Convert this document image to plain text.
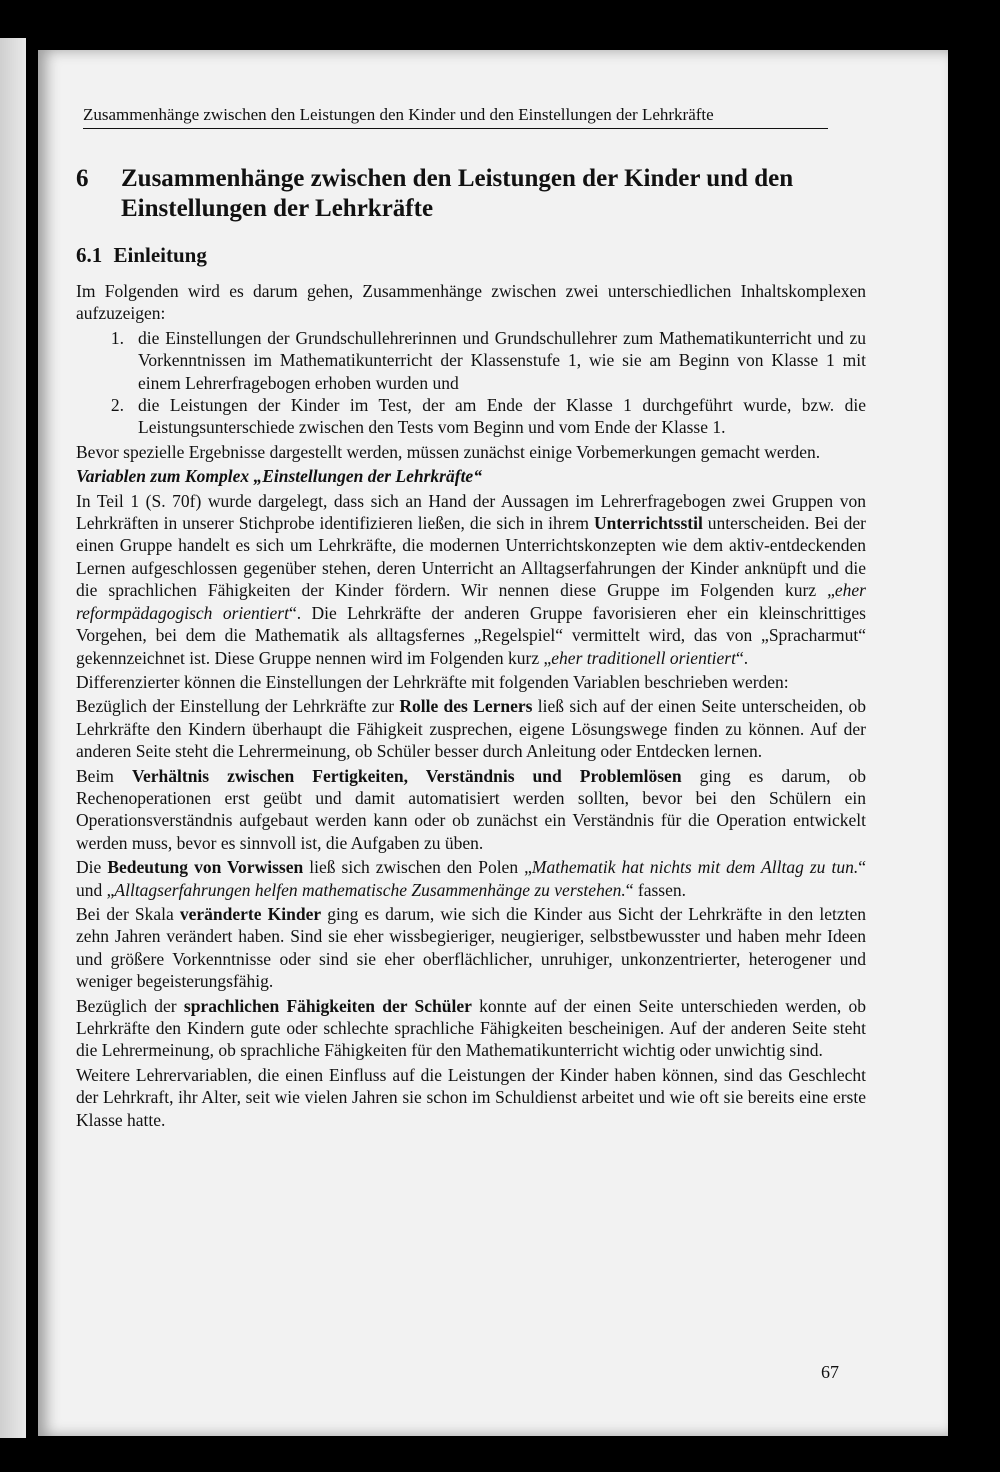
Zusammenhänge zwischen den Leistungen den Kinder und den Einstellungen der Lehrkräfte
6 Zusammenhänge zwischen den Leistungen der Kinder und den Einstellungen der Lehrkräfte
6.1 Einleitung

Im Folgenden wird es darum gehen, Zusammenhänge zwischen zwei unterschiedlichen Inhaltskomplexen aufzuzeigen:

1. die Einstellungen der Grundschullehrerinnen und Grundschullehrer zum Mathematikunterricht und zu Vorkenntnissen im Mathematikunterricht der Klassenstufe 1, wie sie am Beginn von Klasse 1 mit einem Lehrerfragebogen erhoben wurden und
2. die Leistungen der Kinder im Test, der am Ende der Klasse 1 durchgeführt wurde, bzw. die Leistungsunterschiede zwischen den Tests vom Beginn und vom Ende der Klasse 1.

Bevor spezielle Ergebnisse dargestellt werden, müssen zunächst einige Vorbemerkungen gemacht werden.

Variablen zum Komplex „Einstellungen der Lehrkräfte“

In Teil 1 (S. 70f) wurde dargelegt, dass sich an Hand der Aussagen im Lehrerfragebogen zwei Gruppen von Lehrkräften in unserer Stichprobe identifizieren ließen, die sich in ihrem Unterrichtsstil unterscheiden. Bei der einen Gruppe handelt es sich um Lehrkräfte, die modernen Unterrichtskonzepten wie dem aktiv-entdeckenden Lernen aufgeschlossen gegenüber stehen, deren Unterricht an Alltagserfahrungen der Kinder anknüpft und die die sprachlichen Fähigkeiten der Kinder fördern. Wir nennen diese Gruppe im Folgenden kurz „eher reformpädagogisch orientiert“. Die Lehrkräfte der anderen Gruppe favorisieren eher ein kleinschrittiges Vorgehen, bei dem die Mathematik als alltagsfernes „Regelspiel“ vermittelt wird, das von „Spracharmut“ gekennzeichnet ist. Diese Gruppe nennen wird im Folgenden kurz „eher traditionell orientiert“.

Differenzierter können die Einstellungen der Lehrkräfte mit folgenden Variablen beschrieben werden:

Bezüglich der Einstellung der Lehrkräfte zur Rolle des Lerners ließ sich auf der einen Seite unterscheiden, ob Lehrkräfte den Kindern überhaupt die Fähigkeit zusprechen, eigene Lösungswege finden zu können. Auf der anderen Seite steht die Lehrermeinung, ob Schüler besser durch Anleitung oder Entdecken lernen.

Beim Verhältnis zwischen Fertigkeiten, Verständnis und Problemlösen ging es darum, ob Rechenoperationen erst geübt und damit automatisiert werden sollten, bevor bei den Schülern ein Operationsverständnis aufgebaut werden kann oder ob zunächst ein Verständnis für die Operation entwickelt werden muss, bevor es sinnvoll ist, die Aufgaben zu üben.

Die Bedeutung von Vorwissen ließ sich zwischen den Polen „Mathematik hat nichts mit dem Alltag zu tun.“ und „Alltagserfahrungen helfen mathematische Zusammenhänge zu verstehen.“ fassen.

Bei der Skala veränderte Kinder ging es darum, wie sich die Kinder aus Sicht der Lehrkräfte in den letzten zehn Jahren verändert haben. Sind sie eher wissbegieriger, neugieriger, selbstbewusster und haben mehr Ideen und größere Vorkenntnisse oder sind sie eher oberflächlicher, unruhiger, unkonzentrierter, heterogener und weniger begeisterungsfähig.

Bezüglich der sprachlichen Fähigkeiten der Schüler konnte auf der einen Seite unterschieden werden, ob Lehrkräfte den Kindern gute oder schlechte sprachliche Fähigkeiten bescheinigen. Auf der anderen Seite steht die Lehrermeinung, ob sprachliche Fähigkeiten für den Mathematikunterricht wichtig oder unwichtig sind.

Weitere Lehrervariablen, die einen Einfluss auf die Leistungen der Kinder haben können, sind das Geschlecht der Lehrkraft, ihr Alter, seit wie vielen Jahren sie schon im Schuldienst arbeitet und wie oft sie bereits eine erste Klasse hatte.

67
